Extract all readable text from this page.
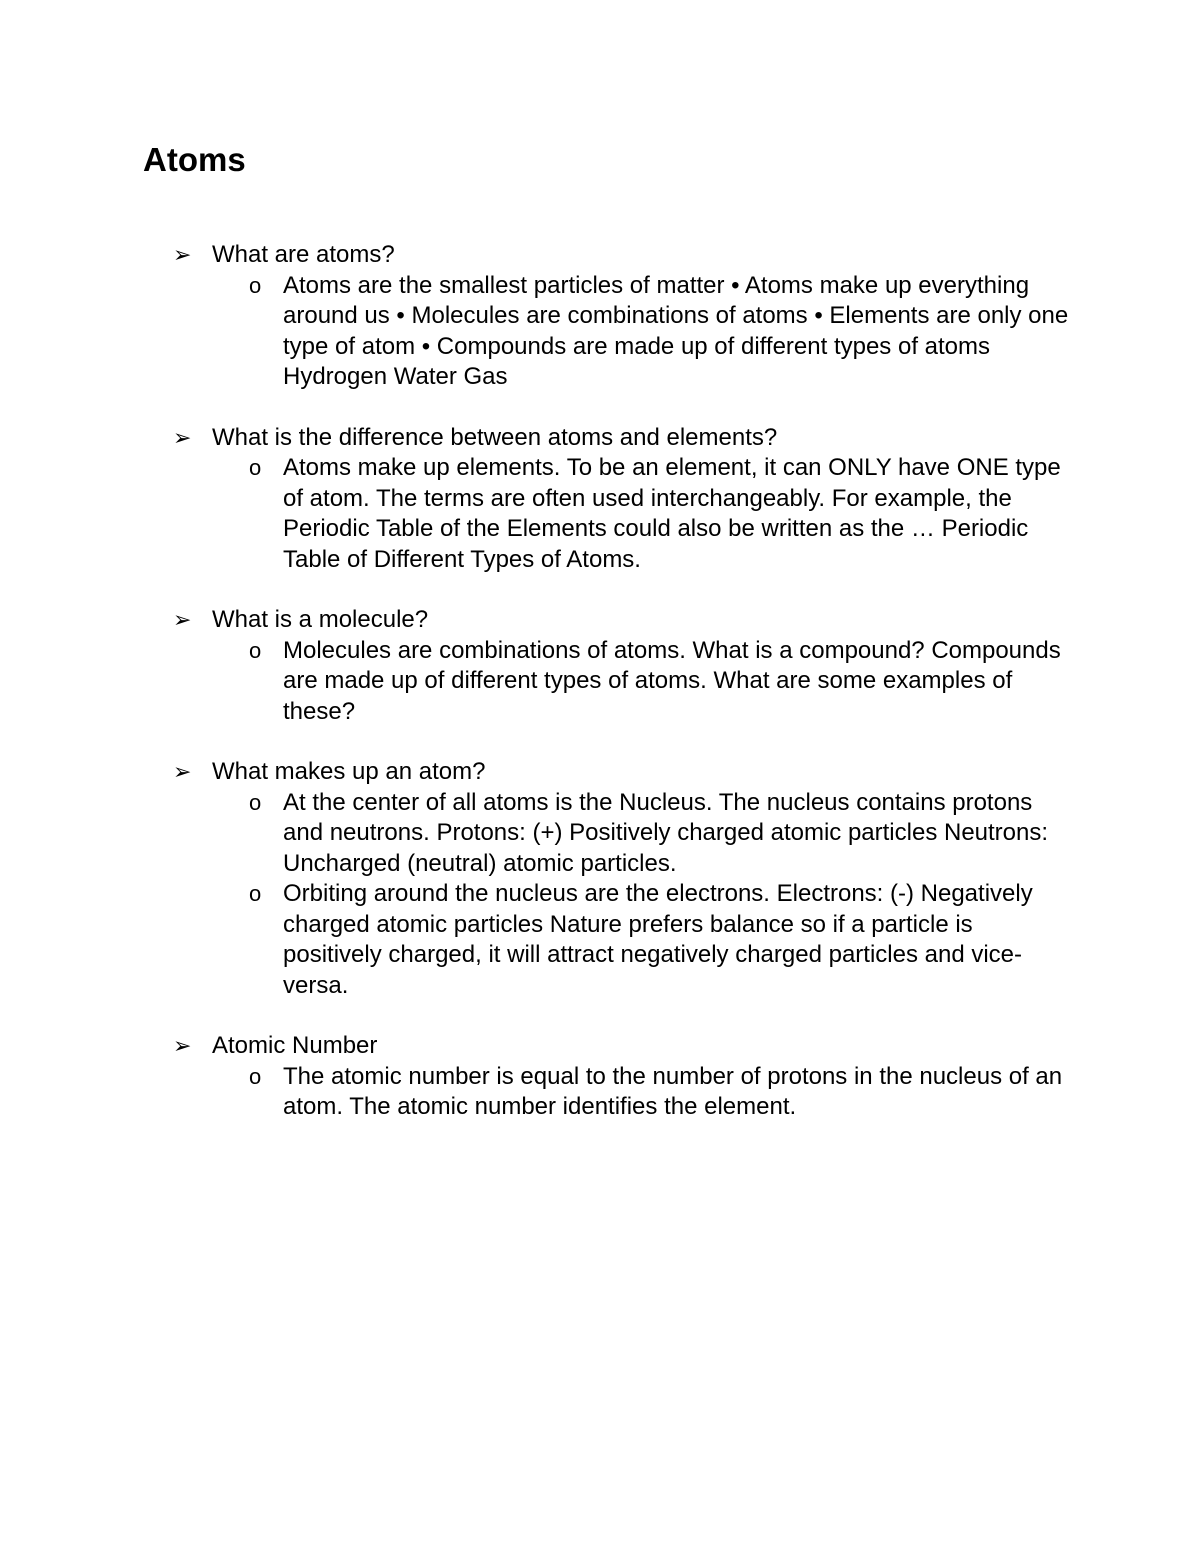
Atoms
➢ What are atoms?
o Atoms are the smallest particles of matter • Atoms make up everything around us • Molecules are combinations of atoms • Elements are only one type of atom • Compounds are made up of different types of atoms Hydrogen Water Gas
➢ What is the difference between atoms and elements?
o Atoms make up elements. To be an element, it can ONLY have ONE type of atom. The terms are often used interchangeably. For example, the Periodic Table of the Elements could also be written as the … Periodic Table of Different Types of Atoms.
➢ What is a molecule?
o Molecules are combinations of atoms. What is a compound? Compounds are made up of different types of atoms. What are some examples of these?
➢ What makes up an atom?
o At the center of all atoms is the Nucleus. The nucleus contains protons and neutrons. Protons: (+) Positively charged atomic particles Neutrons: Uncharged (neutral) atomic particles.
o Orbiting around the nucleus are the electrons. Electrons: (-) Negatively charged atomic particles Nature prefers balance so if a particle is positively charged, it will attract negatively charged particles and vice-versa.
➢ Atomic Number
o The atomic number is equal to the number of protons in the nucleus of an atom. The atomic number identifies the element.
